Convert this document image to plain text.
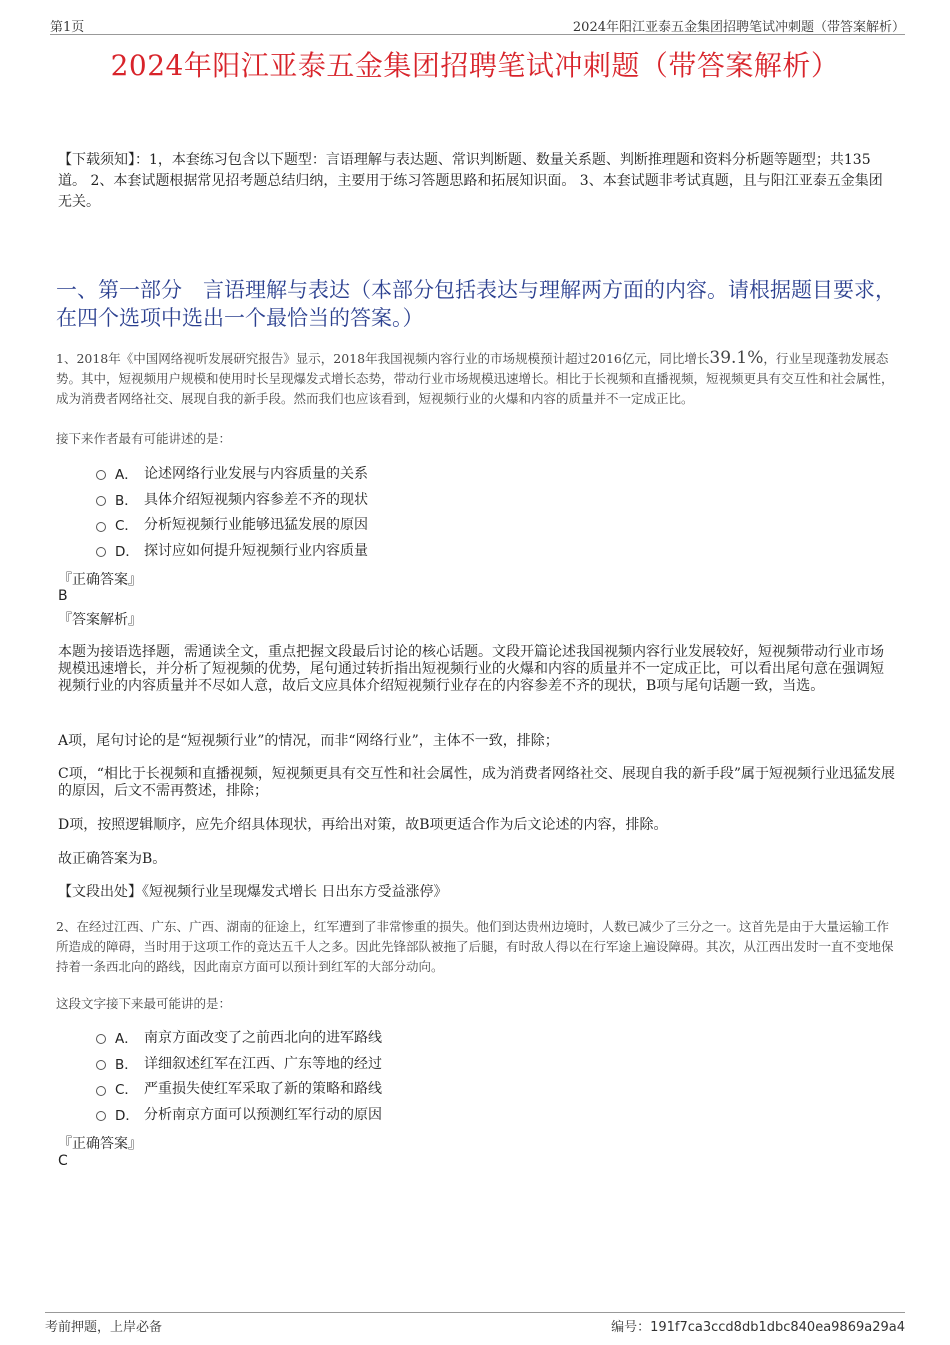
第1页	2024年阳江亚泰五金集团招聘笔试冲刺题（带答案解析）
2024年阳江亚泰五金集团招聘笔试冲刺题（带答案解析）
【下载须知】：1，本套练习包含以下题型：言语理解与表达题、常识判断题、数量关系题、判断推理题和资料分析题等题型；共135道。 2、本套试题根据常见招考题总结归纳，主要用于练习答题思路和拓展知识面。 3、本套试题非考试真题，且与阳江亚泰五金集团无关。
一、第一部分　言语理解与表达（本部分包括表达与理解两方面的内容。请根据题目要求，在四个选项中选出一个最恰当的答案。）
1、2018年《中国网络视听发展研究报告》显示，2018年我国视频内容行业的市场规模预计超过2016亿元，同比增长39.1%，行业呈现蓬勃发展态势。其中，短视频用户规模和使用时长呈现爆发式增长态势，带动行业市场规模迅速增长。相比于长视频和直播视频，短视频更具有交互性和社会属性，成为消费者网络社交、展现自我的新手段。然而我们也应该看到，短视频行业的火爆和内容的质量并不一定成正比。
接下来作者最有可能讲述的是：
A． 论述网络行业发展与内容质量的关系
B． 具体介绍短视频内容参差不齐的现状
C． 分析短视频行业能够迅猛发展的原因
D． 探讨应如何提升短视频行业内容质量
『正确答案』
B
『答案解析』
本题为接语选择题，需通读全文，重点把握文段最后讨论的核心话题。文段开篇论述我国视频内容行业发展较好，短视频带动行业市场规模迅速增长，并分析了短视频的优势，尾句通过转折指出短视频行业的火爆和内容的质量并不一定成正比，可以看出尾句意在强调短视频行业的内容质量并不尽如人意，故后文应具体介绍短视频行业存在的内容参差不齐的现状，B项与尾句话题一致，当选。
A项，尾句讨论的是“短视频行业”的情况，而非“网络行业”，主体不一致，排除；
C项，“相比于长视频和直播视频，短视频更具有交互性和社会属性，成为消费者网络社交、展现自我的新手段”属于短视频行业迅猛发展的原因，后文不需再赘述，排除；
D项，按照逻辑顺序，应先介绍具体现状，再给出对策，故B项更适合作为后文论述的内容，排除。
故正确答案为B。
【文段出处】《短视频行业呈现爆发式增长 日出东方受益涨停》
2、在经过江西、广东、广西、湖南的征途上，红军遭到了非常惨重的损失。他们到达贵州边境时，人数已减少了三分之一。这首先是由于大量运输工作所造成的障碍，当时用于这项工作的竟达五千人之多。因此先锋部队被拖了后腿，有时敌人得以在行军途上遍设障碍。其次，从江西出发时一直不变地保持着一条西北向的路线，因此南京方面可以预计到红军的大部分动向。
这段文字接下来最可能讲的是：
A． 南京方面改变了之前西北向的进军路线
B． 详细叙述红军在江西、广东等地的经过
C． 严重损失使红军采取了新的策略和路线
D． 分析南京方面可以预测红军行动的原因
『正确答案』
C
考前押题，上岸必备	编号：191f7ca3ccd8db1dbc840ea9869a29a4
